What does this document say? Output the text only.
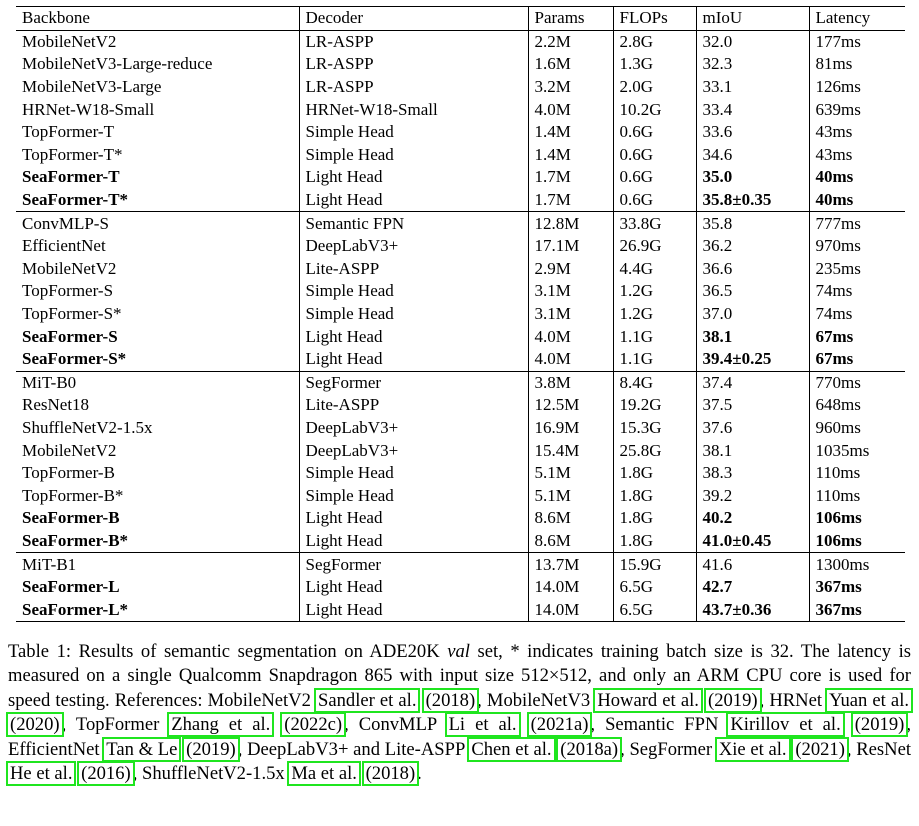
Backbone	Decoder	Params	FLOPs	mIoU	Latency
MobileNetV2	LR-ASPP	2.2M	2.8G	32.0	177ms
MobileNetV3-Large-reduce	LR-ASPP	1.6M	1.3G	32.3	81ms
MobileNetV3-Large	LR-ASPP	3.2M	2.0G	33.1	126ms
HRNet-W18-Small	HRNet-W18-Small	4.0M	10.2G	33.4	639ms
TopFormer-T	Simple Head	1.4M	0.6G	33.6	43ms
TopFormer-T*	Simple Head	1.4M	0.6G	34.6	43ms
SeaFormer-T	Light Head	1.7M	0.6G	35.0	40ms
SeaFormer-T*	Light Head	1.7M	0.6G	35.8±0.35	40ms
ConvMLP-S	Semantic FPN	12.8M	33.8G	35.8	777ms
EfficientNet	DeepLabV3+	17.1M	26.9G	36.2	970ms
MobileNetV2	Lite-ASPP	2.9M	4.4G	36.6	235ms
TopFormer-S	Simple Head	3.1M	1.2G	36.5	74ms
TopFormer-S*	Simple Head	3.1M	1.2G	37.0	74ms
SeaFormer-S	Light Head	4.0M	1.1G	38.1	67ms
SeaFormer-S*	Light Head	4.0M	1.1G	39.4±0.25	67ms
MiT-B0	SegFormer	3.8M	8.4G	37.4	770ms
ResNet18	Lite-ASPP	12.5M	19.2G	37.5	648ms
ShuffleNetV2-1.5x	DeepLabV3+	16.9M	15.3G	37.6	960ms
MobileNetV2	DeepLabV3+	15.4M	25.8G	38.1	1035ms
TopFormer-B	Simple Head	5.1M	1.8G	38.3	110ms
TopFormer-B*	Simple Head	5.1M	1.8G	39.2	110ms
SeaFormer-B	Light Head	8.6M	1.8G	40.2	106ms
SeaFormer-B*	Light Head	8.6M	1.8G	41.0±0.45	106ms
MiT-B1	SegFormer	13.7M	15.9G	41.6	1300ms
SeaFormer-L	Light Head	14.0M	6.5G	42.7	367ms
SeaFormer-L*	Light Head	14.0M	6.5G	43.7±0.36	367ms
Table 1: Results of semantic segmentation on ADE20K val set, * indicates training batch size is 32. The latency is measured on a single Qualcomm Snapdragon 865 with input size 512×512, and only an ARM CPU core is used for speed testing. References: MobileNetV2 Sandler et al. (2018) , MobileNetV3 Howard et al. (2019) , HRNet Yuan et al. (2020) , TopFormer Zhang et al. (2022c) , ConvMLP Li et al. (2021a) , Semantic FPN Kirillov et al. (2019) , EfficientNet Tan & Le (2019) , DeepLabV3+ and Lite-ASPP Chen et al. (2018a) , SegFormer Xie et al. (2021) , ResNet He et al. (2016) , ShuffleNetV2-1.5x Ma et al. (2018) .
